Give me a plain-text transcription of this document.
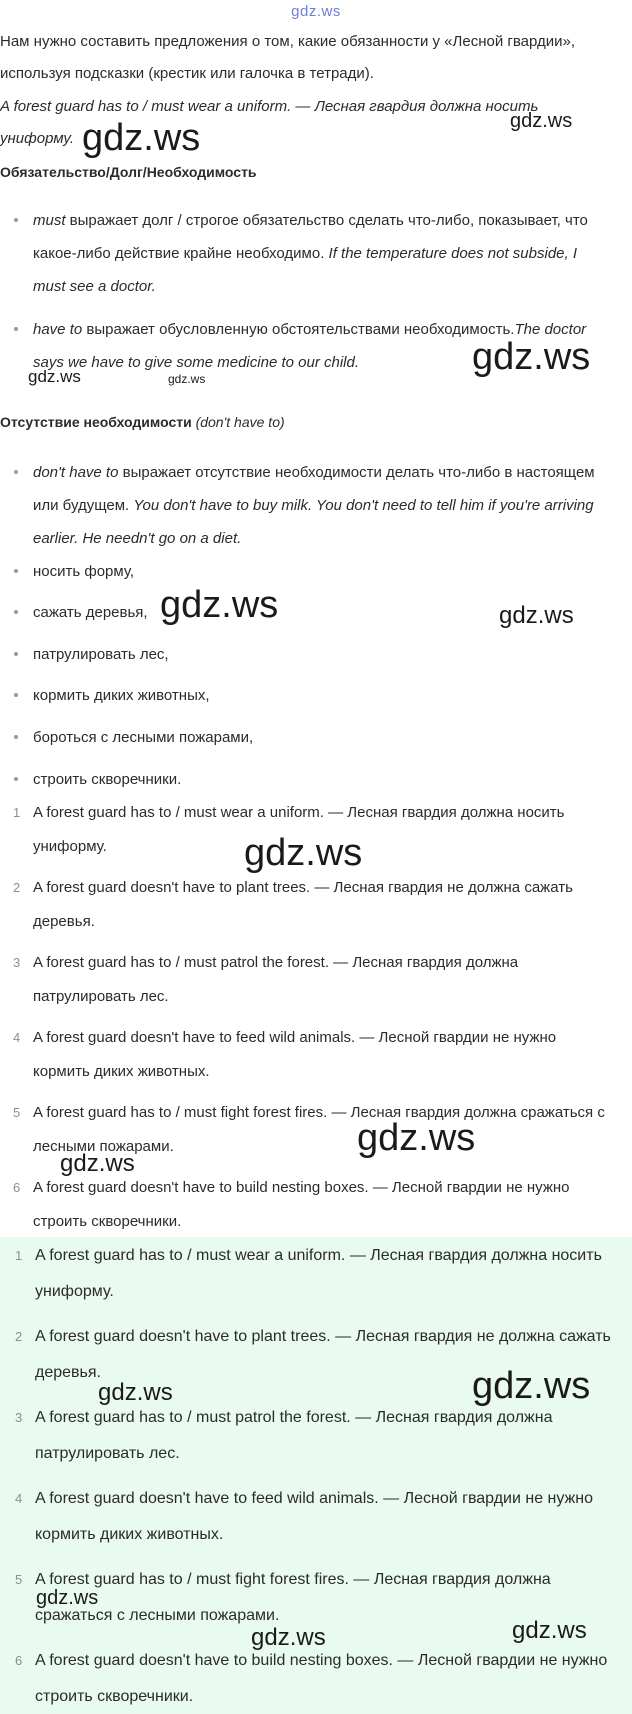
gdz.ws
Нам нужно составить предложения о том, какие обязанности у «Лесной гвардии», используя подсказки (крестик или галочка в тетради).
A forest guard has to / must wear a uniform. — Лесная гвардия должна носить униформу.
Обязательство/Долг/Необходимость
must выражает долг / строгое обязательство сделать что-либо, показывает, что какое-либо действие крайне необходимо. If the temperature does not subside, I must see a doctor.
have to выражает обусловленную обстоятельствами необходимость.The doctor says we have to give some medicine to our child.
Отсутствие необходимости (don't have to)
don't have to выражает отсутствие необходимости делать что-либо в настоящем или будущем. You don't have to buy milk. You don't need to tell him if you're arriving earlier. He needn't go on a diet.
носить форму,
сажать деревья,
патрулировать лес,
кормить диких животных,
бороться с лесными пожарами,
строить скворечники.
1 A forest guard has to / must wear a uniform. — Лесная гвардия должна носить униформу.
2 A forest guard doesn't have to plant trees. — Лесная гвардия не должна сажать деревья.
3 A forest guard has to / must patrol the forest. — Лесная гвардия должна патрулировать лес.
4 A forest guard doesn't have to feed wild animals. — Лесной гвардии не нужно кормить диких животных.
5 A forest guard has to / must fight forest fires. — Лесная гвардия должна сражаться с лесными пожарами.
6 A forest guard doesn't have to build nesting boxes. — Лесной гвардии не нужно строить скворечники.
1 A forest guard has to / must wear a uniform. — Лесная гвардия должна носить униформу.
2 A forest guard doesn't have to plant trees. — Лесная гвардия не должна сажать деревья.
3 A forest guard has to / must patrol the forest. — Лесная гвардия должна патрулировать лес.
4 A forest guard doesn't have to feed wild animals. — Лесной гвардии не нужно кормить диких животных.
5 A forest guard has to / must fight forest fires. — Лесная гвардия должна сражаться с лесными пожарами.
6 A forest guard doesn't have to build nesting boxes. — Лесной гвардии не нужно строить скворечники.
gdz.ws	gdz.ws
gdz.ws
gdz.ws	gdz.ws
gdz.ws	gdz.ws
gdz.ws
gdz.ws
gdz.ws
gdz.ws	gdz.ws
gdz.ws
gdz.ws	gdz.ws
